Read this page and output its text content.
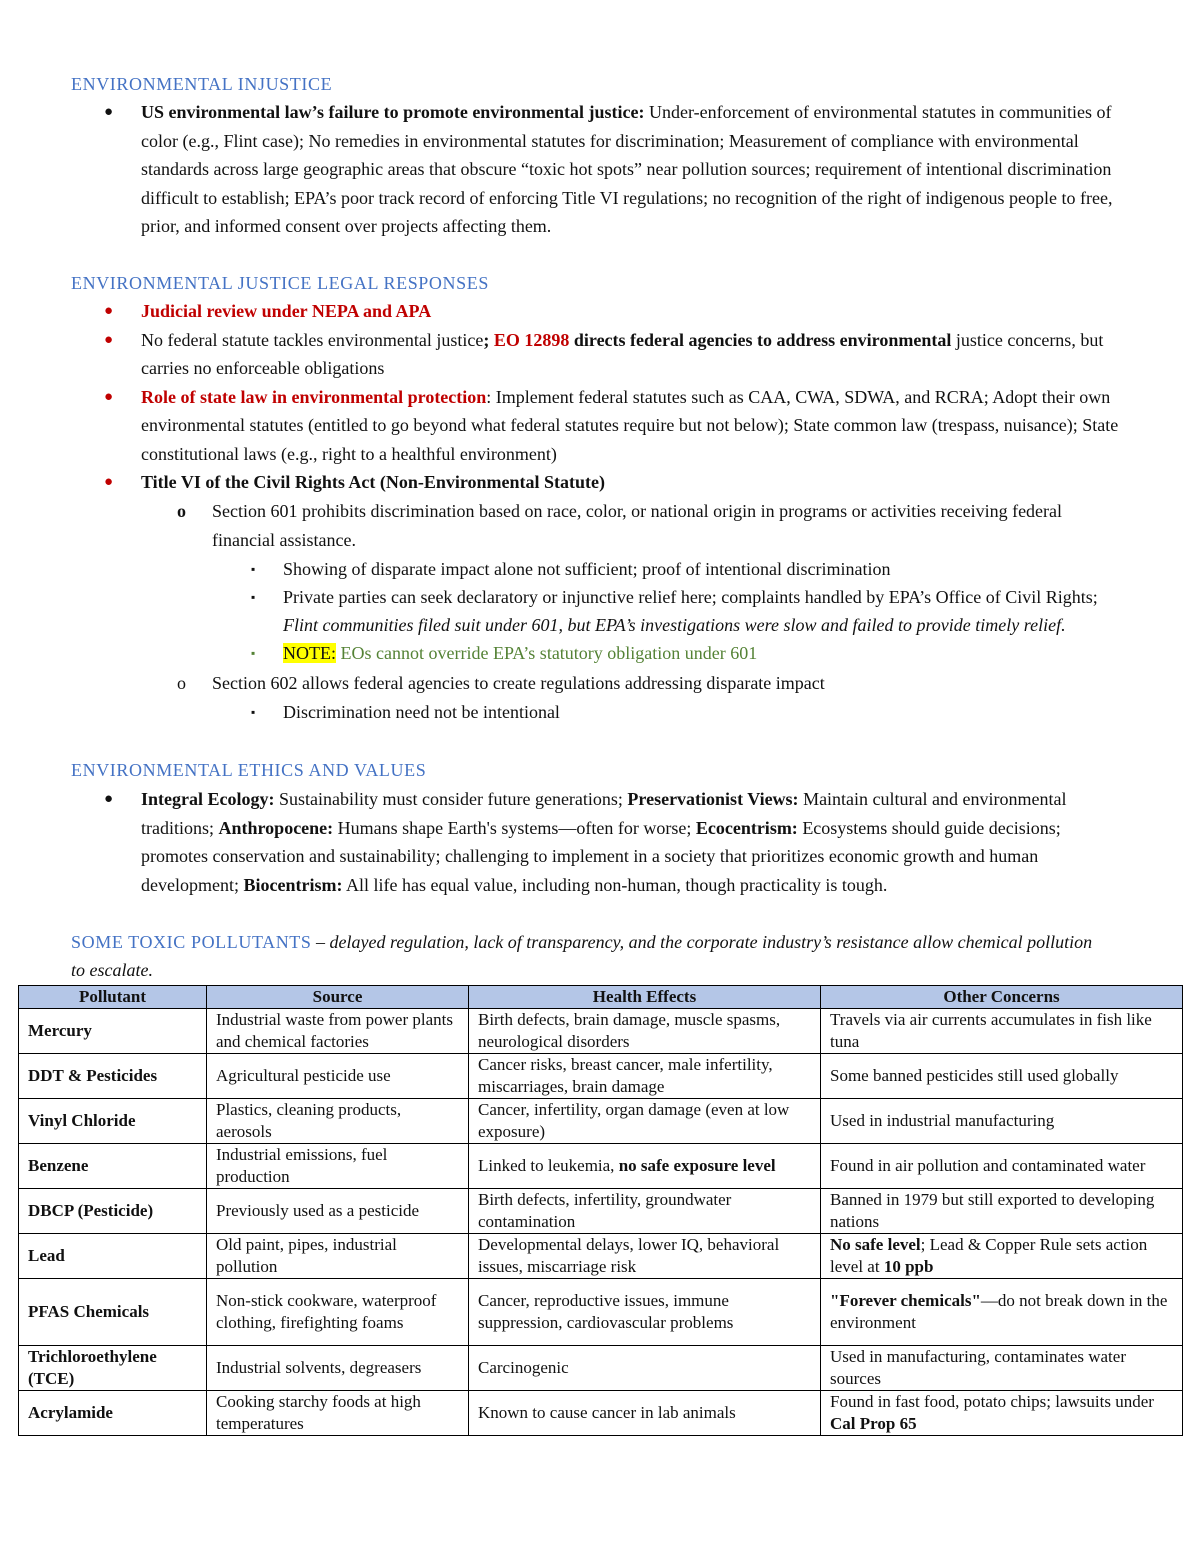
ENVIRONMENTAL INJUSTICE
● US environmental law’s failure to promote environmental justice: Under-enforcement of environmental statutes in communities of color (e.g., Flint case); No remedies in environmental statutes for discrimination; Measurement of compliance with environmental standards across large geographic areas that obscure “toxic hot spots” near pollution sources; requirement of intentional discrimination difficult to establish; EPA’s poor track record of enforcing Title VI regulations; no recognition of the right of indigenous people to free, prior, and informed consent over projects affecting them.
ENVIRONMENTAL JUSTICE LEGAL RESPONSES
● Judicial review under NEPA and APA
● No federal statute tackles environmental justice; EO 12898 directs federal agencies to address environmental justice concerns, but carries no enforceable obligations
● Role of state law in environmental protection: Implement federal statutes such as CAA, CWA, SDWA, and RCRA; Adopt their own environmental statutes (entitled to go beyond what federal statutes require but not below); State common law (trespass, nuisance); State constitutional laws (e.g., right to a healthful environment)
● Title VI of the Civil Rights Act (Non-Environmental Statute)
o Section 601 prohibits discrimination based on race, color, or national origin in programs or activities receiving federal financial assistance.
▪ Showing of disparate impact alone not sufficient; proof of intentional discrimination
▪ Private parties can seek declaratory or injunctive relief here; complaints handled by EPA’s Office of Civil Rights; Flint communities filed suit under 601, but EPA’s investigations were slow and failed to provide timely relief.
▪ NOTE: EOs cannot override EPA’s statutory obligation under 601
o Section 602 allows federal agencies to create regulations addressing disparate impact
▪ Discrimination need not be intentional
ENVIRONMENTAL ETHICS AND VALUES
● Integral Ecology: Sustainability must consider future generations; Preservationist Views: Maintain cultural and environmental traditions; Anthropocene: Humans shape Earth's systems—often for worse; Ecocentrism: Ecosystems should guide decisions; promotes conservation and sustainability; challenging to implement in a society that prioritizes economic growth and human development; Biocentrism: All life has equal value, including non-human, though practicality is tough.
SOME TOXIC POLLUTANTS – delayed regulation, lack of transparency, and the corporate industry’s resistance allow chemical pollution to escalate.
Pollutant	Source	Health Effects	Other Concerns
Mercury	Industrial waste from power plants and chemical factories	Birth defects, brain damage, muscle spasms, neurological disorders	Travels via air currents accumulates in fish like tuna
DDT & Pesticides	Agricultural pesticide use	Cancer risks, breast cancer, male infertility, miscarriages, brain damage	Some banned pesticides still used globally
Vinyl Chloride	Plastics, cleaning products, aerosols	Cancer, infertility, organ damage (even at low exposure)	Used in industrial manufacturing
Benzene	Industrial emissions, fuel production	Linked to leukemia, no safe exposure level	Found in air pollution and contaminated water
DBCP (Pesticide)	Previously used as a pesticide	Birth defects, infertility, groundwater contamination	Banned in 1979 but still exported to developing nations
Lead	Old paint, pipes, industrial pollution	Developmental delays, lower IQ, behavioral issues, miscarriage risk	No safe level; Lead & Copper Rule sets action level at 10 ppb
PFAS Chemicals	Non-stick cookware, waterproof clothing, firefighting foams	Cancer, reproductive issues, immune suppression, cardiovascular problems	"Forever chemicals"—do not break down in the environment
Trichloroethylene (TCE)	Industrial solvents, degreasers	Carcinogenic	Used in manufacturing, contaminates water sources
Acrylamide	Cooking starchy foods at high temperatures	Known to cause cancer in lab animals	Found in fast food, potato chips; lawsuits under Cal Prop 65
